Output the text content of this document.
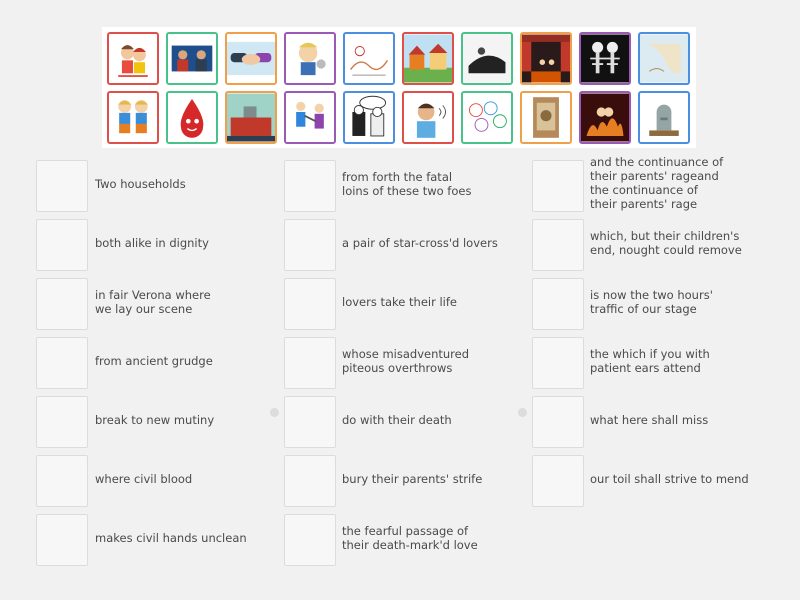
Two households
both alike in dignity
in fair Verona where
we lay our scene
from ancient grudge
break to new mutiny
where civil blood
makes civil hands unclean
from forth the fatal
loins of these two foes
a pair of star-cross'd lovers
lovers take their life
whose misadventured
piteous overthrows
do with their death
bury their parents' strife
the fearful passage of
their death-mark'd love
and the continuance of
their parents' rageand
the continuance of
their parents' rage
which, but their children's
end, nought could remove
is now the two hours'
traffic of our stage
the which if you with
patient ears attend
what here shall miss
our toil shall strive to mend
